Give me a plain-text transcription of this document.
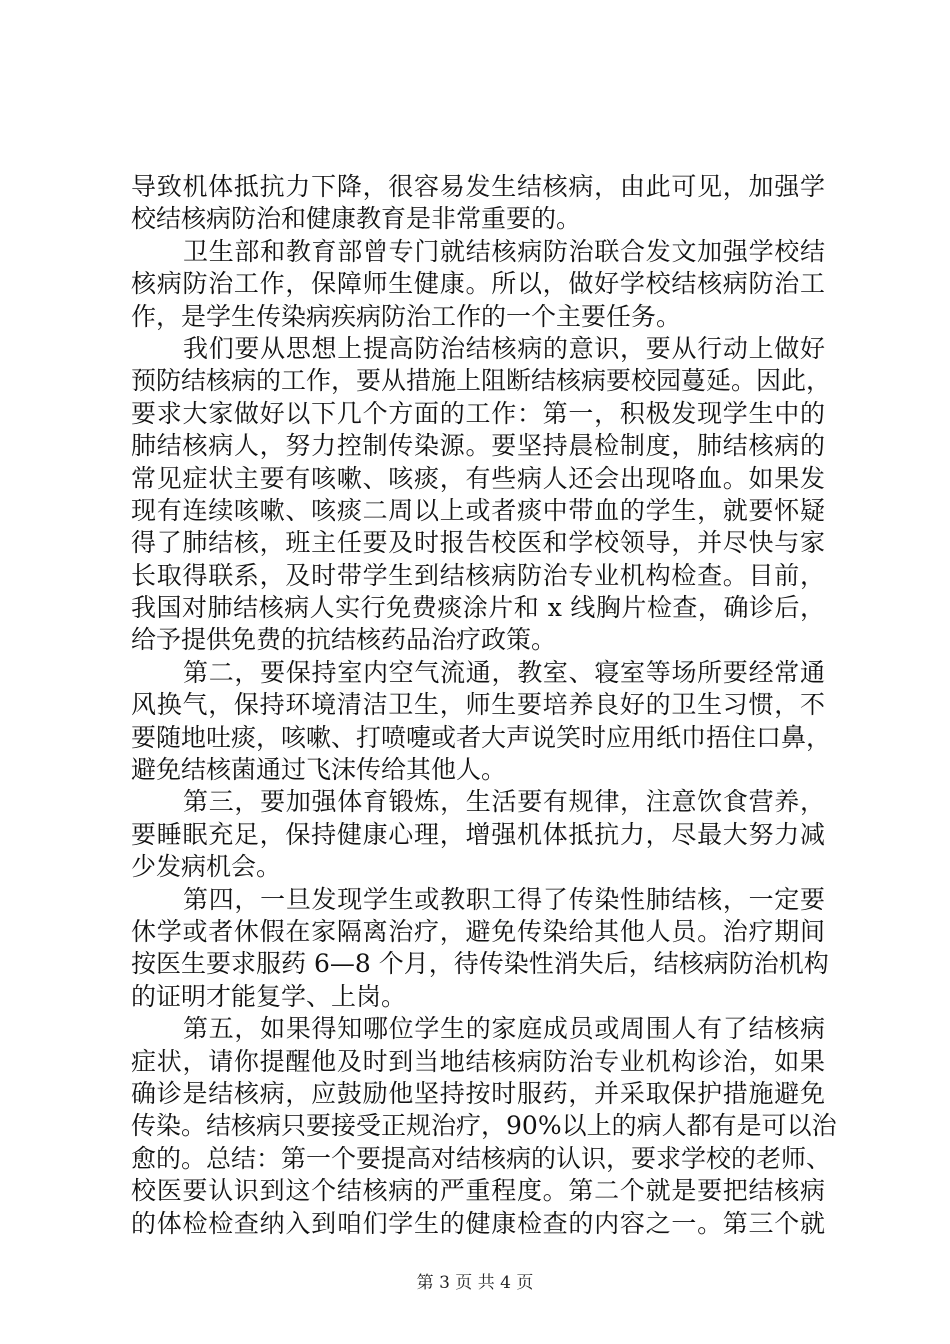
导致机体抵抗力下降，很容易发生结核病，由此可见，加强学
校结核病防治和健康教育是非常重要的。
卫生部和教育部曾专门就结核病防治联合发文加强学校结
核病防治工作，保障师生健康。所以，做好学校结核病防治工
作，是学生传染病疾病防治工作的一个主要任务。
我们要从思想上提高防治结核病的意识，要从行动上做好
预防结核病的工作，要从措施上阻断结核病要校园蔓延。因此，
要求大家做好以下几个方面的工作：第一，积极发现学生中的
肺结核病人，努力控制传染源。要坚持晨检制度，肺结核病的
常见症状主要有咳嗽、咳痰，有些病人还会出现咯血。如果发
现有连续咳嗽、咳痰二周以上或者痰中带血的学生，就要怀疑
得了肺结核，班主任要及时报告校医和学校领导，并尽快与家
长取得联系，及时带学生到结核病防治专业机构检查。目前，
我国对肺结核病人实行免费痰涂片和 x 线胸片检查，确诊后，
给予提供免费的抗结核药品治疗政策。
第二，要保持室内空气流通，教室、寝室等场所要经常通
风换气，保持环境清洁卫生，师生要培养良好的卫生习惯，不
要随地吐痰，咳嗽、打喷嚏或者大声说笑时应用纸巾捂住口鼻，
避免结核菌通过飞沫传给其他人。
第三，要加强体育锻炼，生活要有规律，注意饮食营养，
要睡眠充足，保持健康心理，增强机体抵抗力，尽最大努力减
少发病机会。
第四，一旦发现学生或教职工得了传染性肺结核，一定要
休学或者休假在家隔离治疗，避免传染给其他人员。治疗期间
按医生要求服药 6—8 个月，待传染性消失后，结核病防治机构
的证明才能复学、上岗。
第五，如果得知哪位学生的家庭成员或周围人有了结核病
症状，请你提醒他及时到当地结核病防治专业机构诊治，如果
确诊是结核病，应鼓励他坚持按时服药，并采取保护措施避免
传染。结核病只要接受正规治疗，90%以上的病人都有是可以治
愈的。总结：第一个要提高对结核病的认识，要求学校的老师、
校医要认识到这个结核病的严重程度。第二个就是要把结核病
的体检检查纳入到咱们学生的健康检查的内容之一。第三个就
第 3 页 共 4 页
